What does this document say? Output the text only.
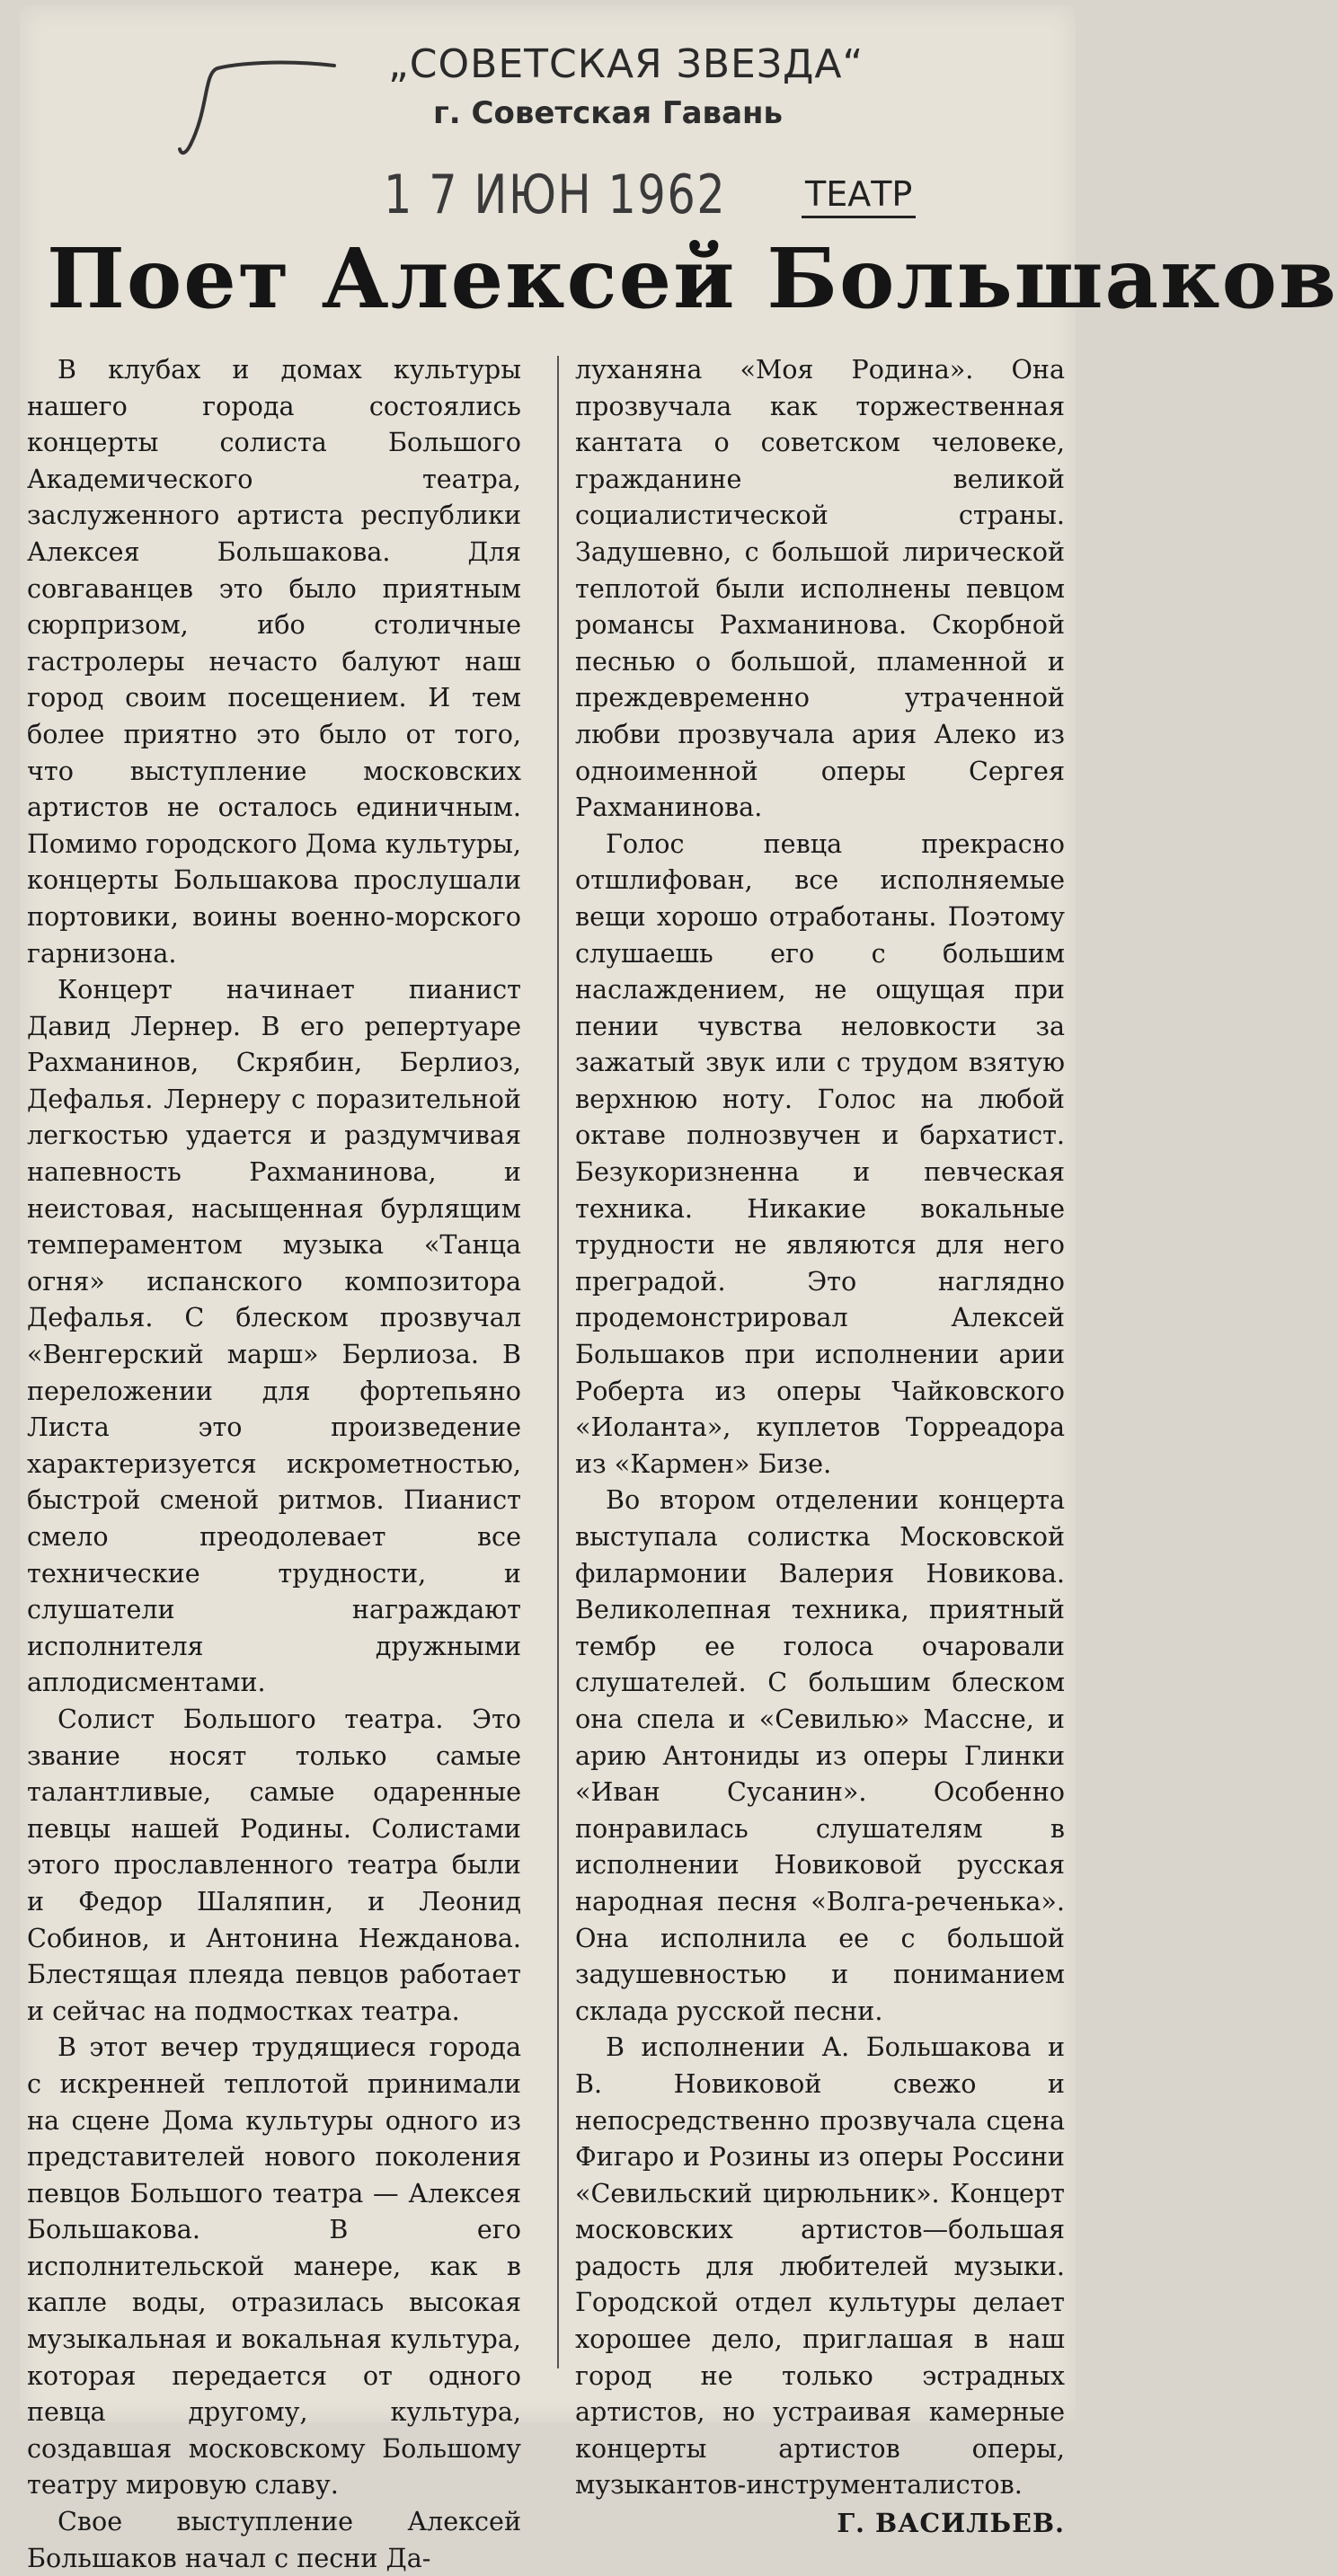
„СОВЕТСКАЯ ЗВЕЗДА“
г. Советская Гавань
1 7 ИЮН 1962 ТЕАТР
Поет Алексей Большаков

В клубах и домах культуры нашего города состоялись концерты солиста Большого Академического театра, заслуженного артиста республики Алексея Большакова. Для совгаванцев это было приятным сюрпризом, ибо столичные гастролеры нечасто балуют наш город своим посещением. И тем более приятно это было от того, что выступление московских артистов не осталось единичным. Помимо городского Дома культуры, концерты Большакова прослушали портовики, воины военно-морского гарнизона.

Концерт начинает пианист Давид Лернер. В его репертуаре Рахманинов, Скрябин, Берлиоз, Дефалья. Лернеру с поразительной легкостью удается и раздумчивая напевность Рахманинова, и неистовая, насыщенная бурлящим темпераментом музыка «Танца огня» испанского композитора Дефалья. С блеском прозвучал «Венгерский марш» Берлиоза. В переложении для фортепьяно Листа это произведение характеризуется искрометностью, быстрой сменой ритмов. Пианист смело преодолевает все технические трудности, и слушатели награждают исполнителя дружными аплодисментами.

Солист Большого театра. Это звание носят только самые талантливые, самые одаренные певцы нашей Родины. Солистами этого прославленного театра были и Федор Шаляпин, и Леонид Собинов, и Антонина Нежданова. Блестящая плеяда певцов работает и сейчас на подмостках театра.

В этот вечер трудящиеся города с искренней теплотой принимали на сцене Дома культуры одного из представителей нового поколения певцов Большого театра — Алексея Большакова. В его исполнительской манере, как в капле воды, отразилась высокая музыкальная и вокальная культура, которая передается от одного певца другому, культура, создавшая московскому Большому театру мировую славу.

Свое выступление Алексей Большаков начал с песни Да-

луханяна «Моя Родина». Она прозвучала как торжественная кантата о советском человеке, гражданине великой социалистической страны. Задушевно, с большой лирической теплотой были исполнены певцом романсы Рахманинова. Скорбной песнью о большой, пламенной и преждевременно утраченной любви прозвучала ария Алеко из одноименной оперы Сергея Рахманинова.

Голос певца прекрасно отшлифован, все исполняемые вещи хорошо отработаны. Поэтому слушаешь его с большим наслаждением, не ощущая при пении чувства неловкости за зажатый звук или с трудом взятую верхнюю ноту. Голос на любой октаве полнозвучен и бархатист. Безукоризненна и певческая техника. Никакие вокальные трудности не являются для него преградой. Это наглядно продемонстрировал Алексей Большаков при исполнении арии Роберта из оперы Чайковского «Иоланта», куплетов Торреадора из «Кармен» Бизе.

Во втором отделении концерта выступала солистка Московской филармонии Валерия Новикова. Великолепная техника, приятный тембр ее голоса очаровали слушателей. С большим блеском она спела и «Севилью» Массне, и арию Антониды из оперы Глинки «Иван Сусанин». Особенно понравилась слушателям в исполнении Новиковой русская народная песня «Волга-реченька». Она исполнила ее с большой задушевностью и пониманием склада русской песни.

В исполнении А. Большакова и В. Новиковой свежо и непосредственно прозвучала сцена Фигаро и Розины из оперы Россини «Севильский цирюльник». Концерт московских артистов—большая радость для любителей музыки. Городской отдел культуры делает хорошее дело, приглашая в наш город не только эстрадных артистов, но устраивая камерные концерты артистов оперы, музыкантов-инструменталистов.

Г. ВАСИЛЬЕВ.
